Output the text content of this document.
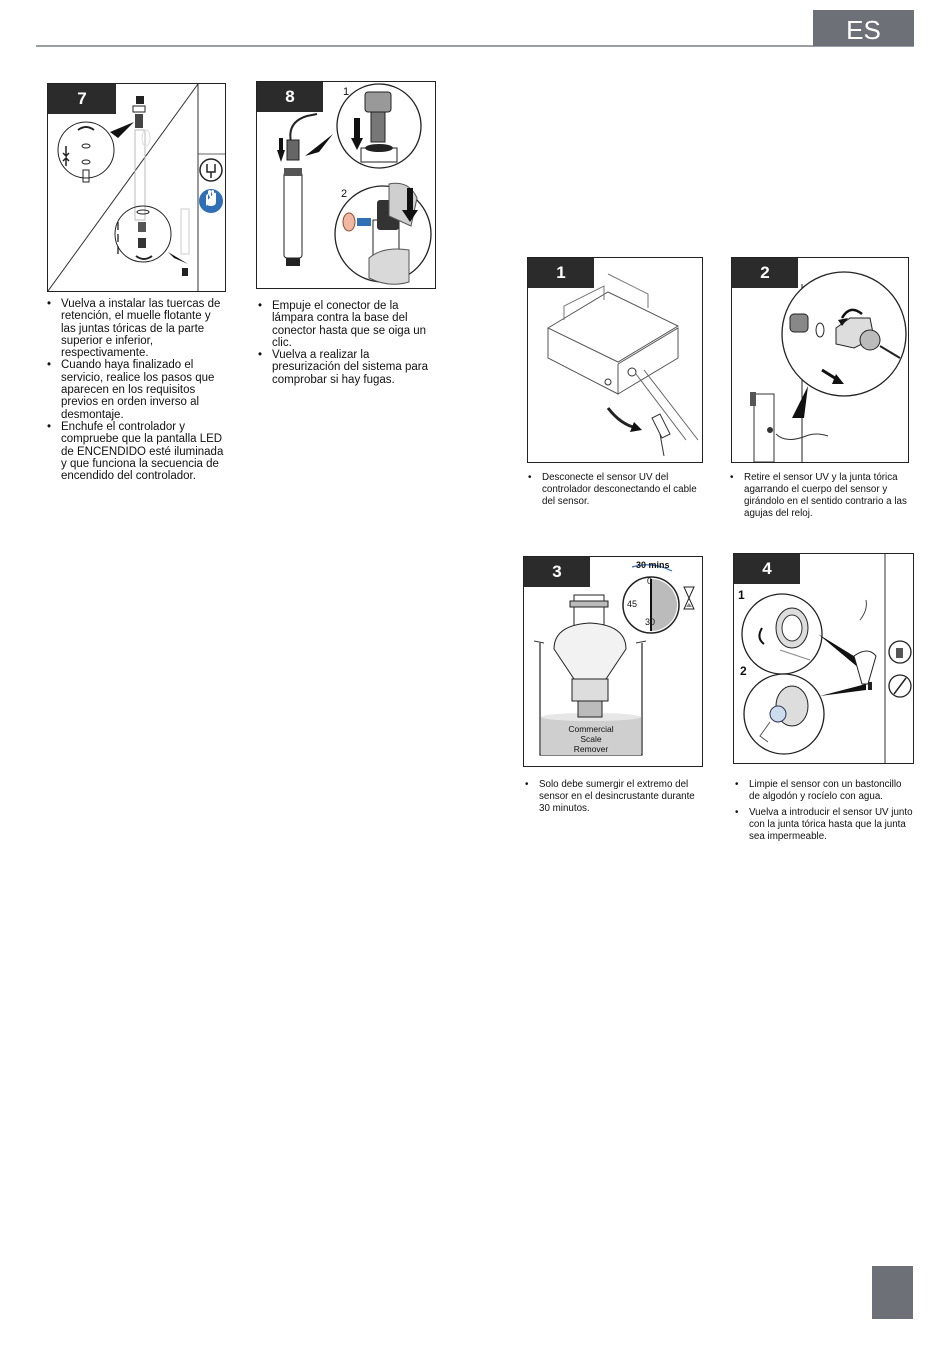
ES
7
• Vuelva a instalar las tuercas de retención, el muelle flotante y las juntas tóricas de la parte superior e inferior, respectivamente.
• Cuando haya finalizado el servicio, realice los pasos que aparecen en los requisitos previos en orden inverso al desmontaje.
• Enchufe el controlador y compruebe que la pantalla LED de ENCENDIDO esté iluminada y que funciona la secuencia de encendido del controlador.
8	1
2
• Empuje el conector de la lámpara contra la base del conector hasta que se oiga un clic.
• Vuelva a realizar la presurización del sistema para comprobar si hay fugas.
1
• Desconecte el sensor UV del controlador desconectando el cable del sensor.
2
• Retire el sensor UV y la junta tórica agarrando el cuerpo del sensor y girándolo en el sentido contrario a las agujas del reloj.
3	30 mins
0
45
30
Commercial
Scale
Remover
• Solo debe sumergir el extremo del sensor en el desincrustante durante 30 minutos.
4
1
2
• Limpie el sensor con un bastoncillo de algodón y rocíelo con agua.
• Vuelva a introducir el sensor UV junto con la junta tórica hasta que la junta sea impermeable.
